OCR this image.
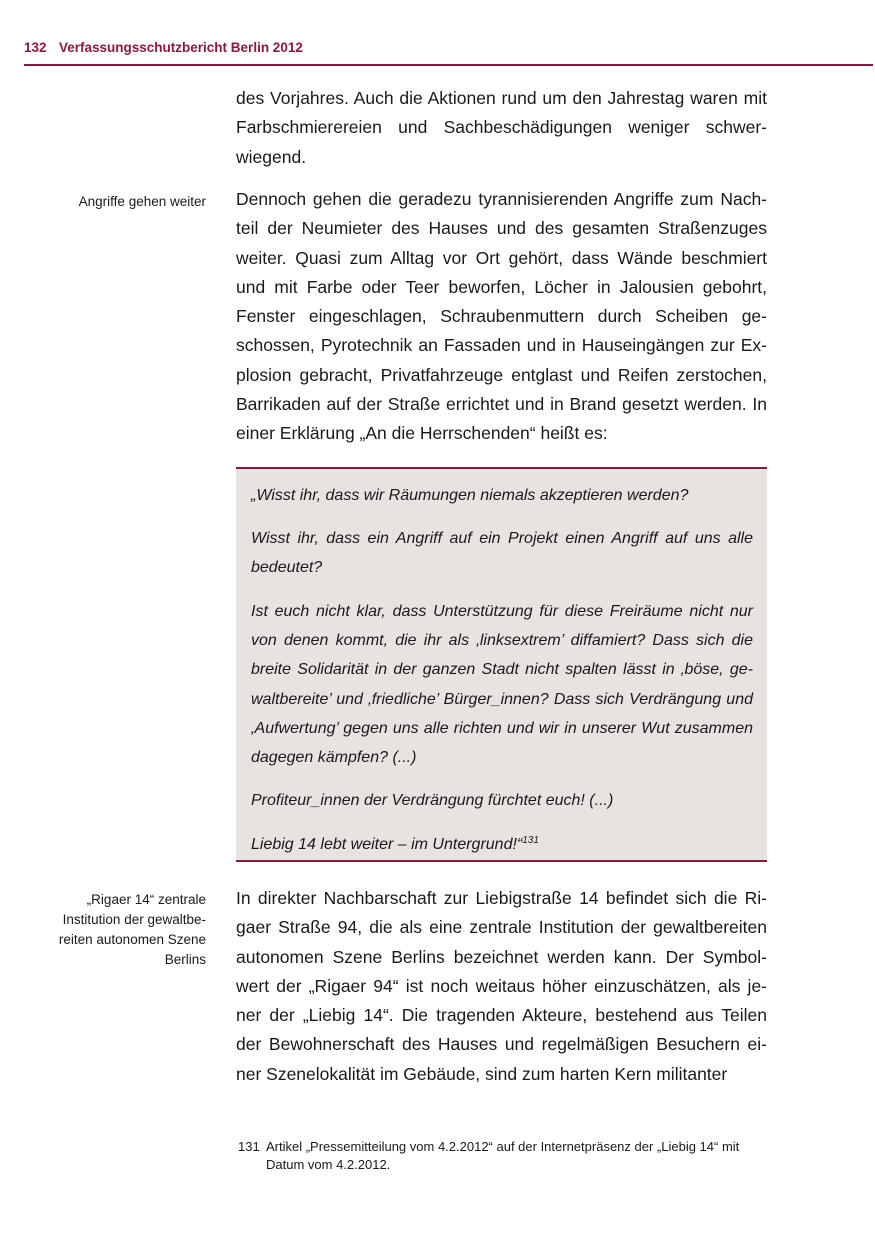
132 Verfassungsschutzbericht Berlin 2012
Angriffe gehen weiter

des Vorjahres. Auch die Aktionen rund um den Jahrestag waren mit Farbschmierereien und Sachbeschädigungen weniger schwer-wiegend.

Dennoch gehen die geradezu tyrannisierenden Angriffe zum Nach-teil der Neumieter des Hauses und des gesamten Straßenzuges weiter. Quasi zum Alltag vor Ort gehört, dass Wände beschmiert und mit Farbe oder Teer beworfen, Löcher in Jalousien gebohrt, Fenster eingeschlagen, Schraubenmuttern durch Scheiben ge-schossen, Pyrotechnik an Fassaden und in Hauseingängen zur Ex-plosion gebracht, Privatfahrzeuge entglast und Reifen zerstochen, Barrikaden auf der Straße errichtet und in Brand gesetzt werden. In einer Erklärung „An die Herrschenden“ heißt es:

„Wisst ihr, dass wir Räumungen niemals akzeptieren werden?

Wisst ihr, dass ein Angriff auf ein Projekt einen Angriff auf uns alle bedeutet?

Ist euch nicht klar, dass Unterstützung für diese Freiräume nicht nur von denen kommt, die ihr als ‚linksextrem’ diffamiert? Dass sich die breite Solidarität in der ganzen Stadt nicht spalten lässt in ‚böse, ge-waltbereite’ und ‚friedliche’ Bürger_innen? Dass sich Verdrängung und ‚Aufwertung’ gegen uns alle richten und wir in unserer Wut zusammen dagegen kämpfen? (...)

Profiteur_innen der Verdrängung fürchtet euch! (...)

Liebig 14 lebt weiter – im Untergrund!“$^{131}$

„Rigaer 14“ zentrale Institution der gewaltbe-reiten autonomen Szene Berlins

In direkter Nachbarschaft zur Liebigstraße 14 befindet sich die Ri-gaer Straße 94, die als eine zentrale Institution der gewaltbereiten autonomen Szene Berlins bezeichnet werden kann. Der Symbol-wert der „Rigaer 94“ ist noch weitaus höher einzuschätzen, als je-ner der „Liebig 14“. Die tragenden Akteure, bestehend aus Teilen der Bewohnerschaft des Hauses und regelmäßigen Besuchern ei-ner Szenelokalität im Gebäude, sind zum harten Kern militanter

131 Artikel „Pressemitteilung vom 4.2.2012“ auf der Internetpräsenz der „Liebig 14“ mit Datum vom 4.2.2012.
